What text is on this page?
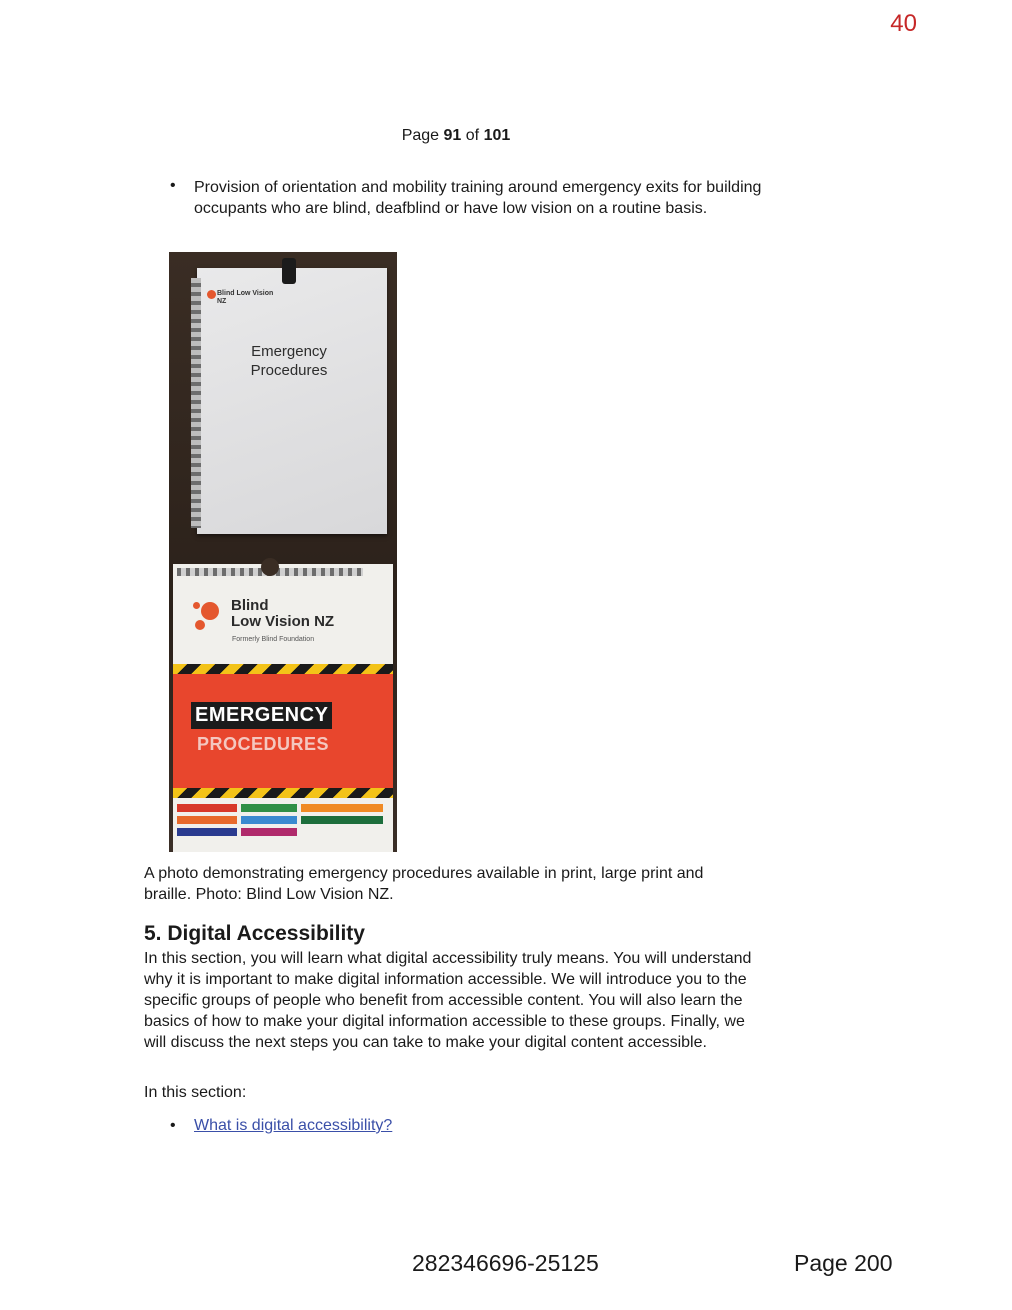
40
Page 91 of 101
• Provision of orientation and mobility training around emergency exits for building occupants who are blind, deafblind or have low vision on a routine basis.
Blind Low Vision NZ
Emergency Procedures
Blind
Low Vision NZ
Formerly Blind Foundation
EMERGENCY
PROCEDURES
A photo demonstrating emergency procedures available in print, large print and braille. Photo: Blind Low Vision NZ.
5. Digital Accessibility
In this section, you will learn what digital accessibility truly means. You will understand why it is important to make digital information accessible. We will introduce you to the specific groups of people who benefit from accessible content. You will also learn the basics of how to make your digital information accessible to these groups. Finally, we will discuss the next steps you can take to make your digital content accessible.
In this section:
• What is digital accessibility?
282346696-25125	Page 200
